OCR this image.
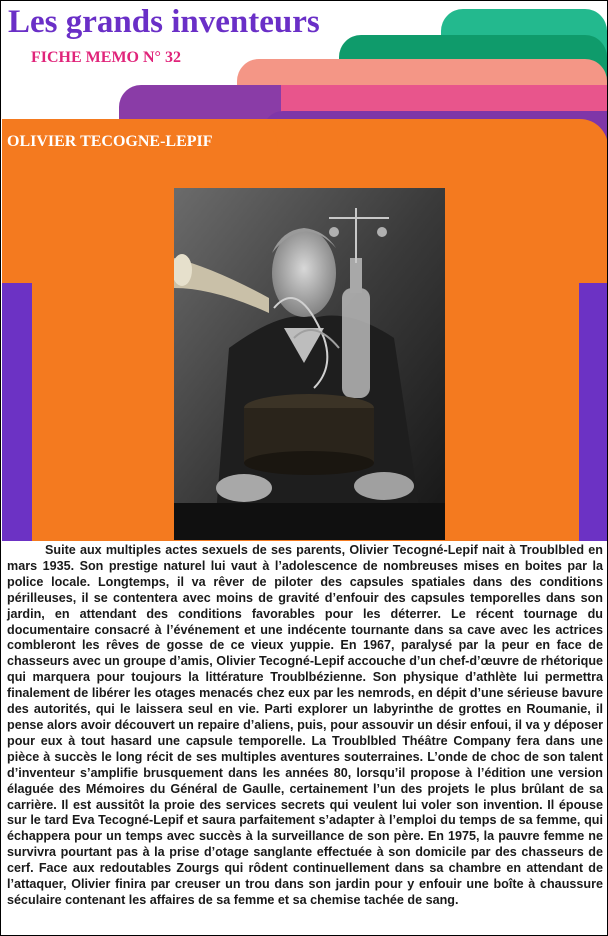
Les grands inventeurs
FICHE MEMO N° 32
OLIVIER TECOGNE-LEPIF

Suite aux multiples actes sexuels de ses parents, Olivier Tecogné-Lepif nait à Troublbled en mars 1935. Son prestige naturel lui vaut à l’adolescence de nombreuses mises en boites par la police locale. Longtemps, il va rêver de piloter des capsules spatiales dans des conditions périlleuses, il se contentera avec moins de gravité d’enfouir des capsules temporelles dans son jardin, en attendant des conditions favorables pour les déterrer. Le récent tournage du documentaire consacré à l’événement et une indécente tournante dans sa cave avec les actrices combleront les rêves de gosse de ce vieux yuppie. En 1967, paralysé par la peur en face de chasseurs avec un groupe d’amis, Olivier Tecogné-Lepif accouche d’un chef-d’œuvre de rhétorique qui marquera pour toujours la littérature Troublbézienne. Son physique d’athlète lui permettra finalement de libérer les otages menacés chez eux par les nemrods, en dépit d’une sérieuse bavure des autorités, qui le laissera seul en vie. Parti explorer un labyrinthe de grottes en Roumanie, il pense alors avoir découvert un repaire d’aliens, puis, pour assouvir un désir enfoui, il va y déposer pour eux à tout hasard une capsule temporelle. La Troublbled Théâtre Company fera dans une pièce à succès le long récit de ses multiples aventures souterraines. L’onde de choc de son talent d’inventeur s’amplifie brusquement dans les années 80, lorsqu’il propose à l’édition une version élaguée des Mémoires du Général de Gaulle, certainement l’un des projets le plus brûlant de sa carrière. Il est aussitôt la proie des services secrets qui veulent lui voler son invention. Il épouse sur le tard Eva Tecogné-Lepif et saura parfaitement s’adapter à l’emploi du temps de sa femme, qui échappera pour un temps avec succès à la surveillance de son père. En 1975, la pauvre femme ne survivra pourtant pas à la prise d’otage sanglante effectuée à son domicile par des chasseurs de cerf. Face aux redoutables Zourgs qui rôdent continuellement dans sa chambre en attendant de l’attaquer, Olivier finira par creuser un trou dans son jardin pour y enfouir une boîte à chaussure séculaire contenant les affaires de sa femme et sa chemise tachée de sang.
